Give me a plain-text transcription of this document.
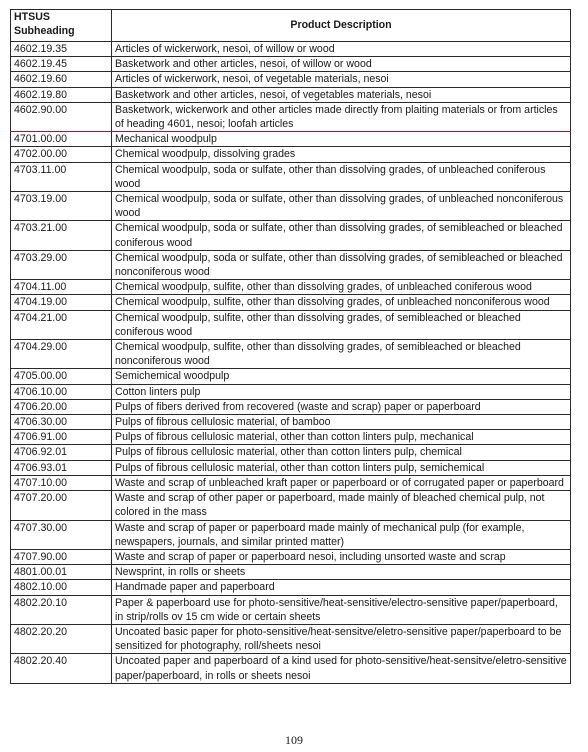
HTSUS Subheading	Product Description
4602.19.35	Articles of wickerwork, nesoi, of willow or wood
4602.19.45	Basketwork and other articles, nesoi, of willow or wood
4602.19.60	Articles of wickerwork, nesoi, of vegetable materials, nesoi
4602.19.80	Basketwork and other articles, nesoi, of vegetables materials, nesoi
4602.90.00	Basketwork, wickerwork and other articles made directly from plaiting materials or from articles of heading 4601, nesoi; loofah articles
4701.00.00	Mechanical woodpulp
4702.00.00	Chemical woodpulp, dissolving grades
4703.11.00	Chemical woodpulp, soda or sulfate, other than dissolving grades, of unbleached coniferous wood
4703.19.00	Chemical woodpulp, soda or sulfate, other than dissolving grades, of unbleached nonconiferous wood
4703.21.00	Chemical woodpulp, soda or sulfate, other than dissolving grades, of semibleached or bleached coniferous wood
4703.29.00	Chemical woodpulp, soda or sulfate, other than dissolving grades, of semibleached or bleached nonconiferous wood
4704.11.00	Chemical woodpulp, sulfite, other than dissolving grades, of unbleached coniferous wood
4704.19.00	Chemical woodpulp, sulfite, other than dissolving grades, of unbleached nonconiferous wood
4704.21.00	Chemical woodpulp, sulfite, other than dissolving grades, of semibleached or bleached coniferous wood
4704.29.00	Chemical woodpulp, sulfite, other than dissolving grades, of semibleached or bleached nonconiferous wood
4705.00.00	Semichemical woodpulp
4706.10.00	Cotton linters pulp
4706.20.00	Pulps of fibers derived from recovered (waste and scrap) paper or paperboard
4706.30.00	Pulps of fibrous cellulosic material, of bamboo
4706.91.00	Pulps of fibrous cellulosic material, other than cotton linters pulp, mechanical
4706.92.01	Pulps of fibrous cellulosic material, other than cotton linters pulp, chemical
4706.93.01	Pulps of fibrous cellulosic material, other than cotton linters pulp, semichemical
4707.10.00	Waste and scrap of unbleached kraft paper or paperboard or of corrugated paper or paperboard
4707.20.00	Waste and scrap of other paper or paperboard, made mainly of bleached chemical pulp, not colored in the mass
4707.30.00	Waste and scrap of paper or paperboard made mainly of mechanical pulp (for example, newspapers, journals, and similar printed matter)
4707.90.00	Waste and scrap of paper or paperboard nesoi, including unsorted waste and scrap
4801.00.01	Newsprint, in rolls or sheets
4802.10.00	Handmade paper and paperboard
4802.20.10	Paper & paperboard use for photo-sensitive/heat-sensitive/electro-sensitive paper/paperboard, in strip/rolls ov 15 cm wide or certain sheets
4802.20.20	Uncoated basic paper for photo-sensitive/heat-sensitve/eletro-sensitive paper/paperboard to be sensitized for photography, roll/sheets nesoi
4802.20.40	Uncoated paper and paperboard of a kind used for photo-sensitive/heat-sensitve/eletro-sensitive paper/paperboard, in rolls or sheets nesoi
109
